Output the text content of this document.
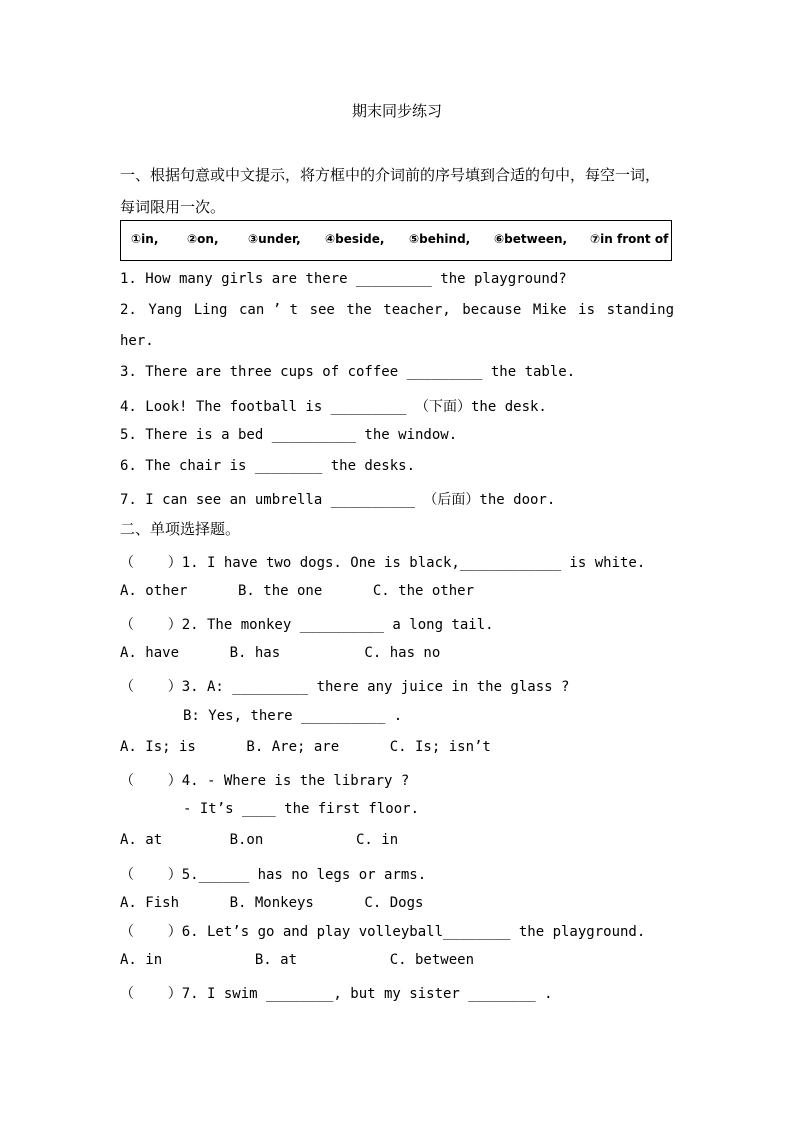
期末同步练习
一、根据句意或中文提示，将方框中的介词前的序号填到合适的句中，每空一词，
每词限用一次。
①in, ②on, ③under, ④beside, ⑤behind, ⑥between, ⑦in front of
1. How many girls are there _________ the playground?
2. Yang Ling can ’ t see the teacher, because Mike is standing
her.
3. There are three cups of coffee _________ the table.
4. Look! The football is _________ （下面）the desk.
5. There is a bed __________ the window.
6. The chair is ________ the desks.
7. I can see an umbrella __________ （后面）the door.
二、单项选择题。
（    ）1. I have two dogs. One is black,____________ is white.
A. other      B. the one      C. the other
（    ）2. The monkey __________ a long tail.
A. have      B. has          C. has no
（    ）3. A: _________ there any juice in the glass ?
B: Yes, there __________ .
A. Is; is      B. Are; are      C. Is; isn’t
（    ）4. - Where is the library ?
- It’s ____ the first floor.
A. at        B.on           C. in
（    ）5.______ has no legs or arms.
A. Fish      B. Monkeys      C. Dogs
（    ）6. Let’s go and play volleyball________ the playground.
A. in           B. at           C. between
（    ）7. I swim ________, but my sister ________ .
